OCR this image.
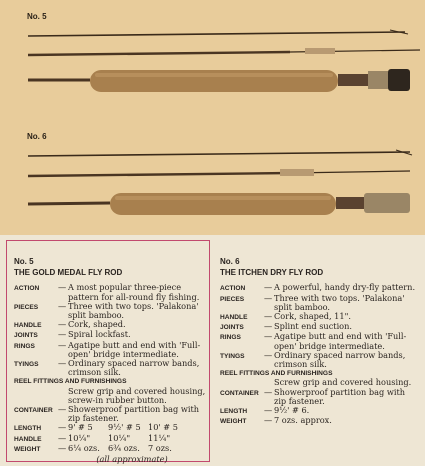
No. 5
No. 6
No. 5
THE GOLD MEDAL FLY ROD
ACTION	— A most popular three-piece pattern for all-round fly fishing.
PIECES	— Three with two tops. 'Palakona' split bamboo.
HANDLE	— Cork, shaped.
JOINTS	— Spiral lockfast.
RINGS	— Agatipe butt and end with 'Full-open' bridge intermediate.
TYINGS	— Ordinary spaced narrow bands, crimson silk.
REEL FITTINGS AND FURNISHINGS
Screw grip and covered housing, screw-in rubber button.
CONTAINER — Showerproof partition bag with zip fastener.
LENGTH	— 9' # 5	9½' # 5 10' # 5
HANDLE	— 10¼"	10¼"	11¼"
WEIGHT	— 6¼ ozs.	6¾ ozs.	7 ozs.
(all approximate)
No. 6
THE ITCHEN DRY FLY ROD
ACTION	— A powerful, handy dry-fly pattern.
PIECES	— Three with two tops. 'Palakona' split bamboo.
HANDLE	— Cork, shaped, 11".
JOINTS	— Splint end suction.
RINGS	— Agatipe butt and end with 'Full-open' bridge intermediate.
TYINGS	— Ordinary spaced narrow bands, crimson silk.
REEL FITTINGS AND FURNISHINGS
Screw grip and covered housing.
CONTAINER — Showerproof partition bag with zip fastener.
LENGTH	— 9½' # 6.
WEIGHT	— 7 ozs. approx.
